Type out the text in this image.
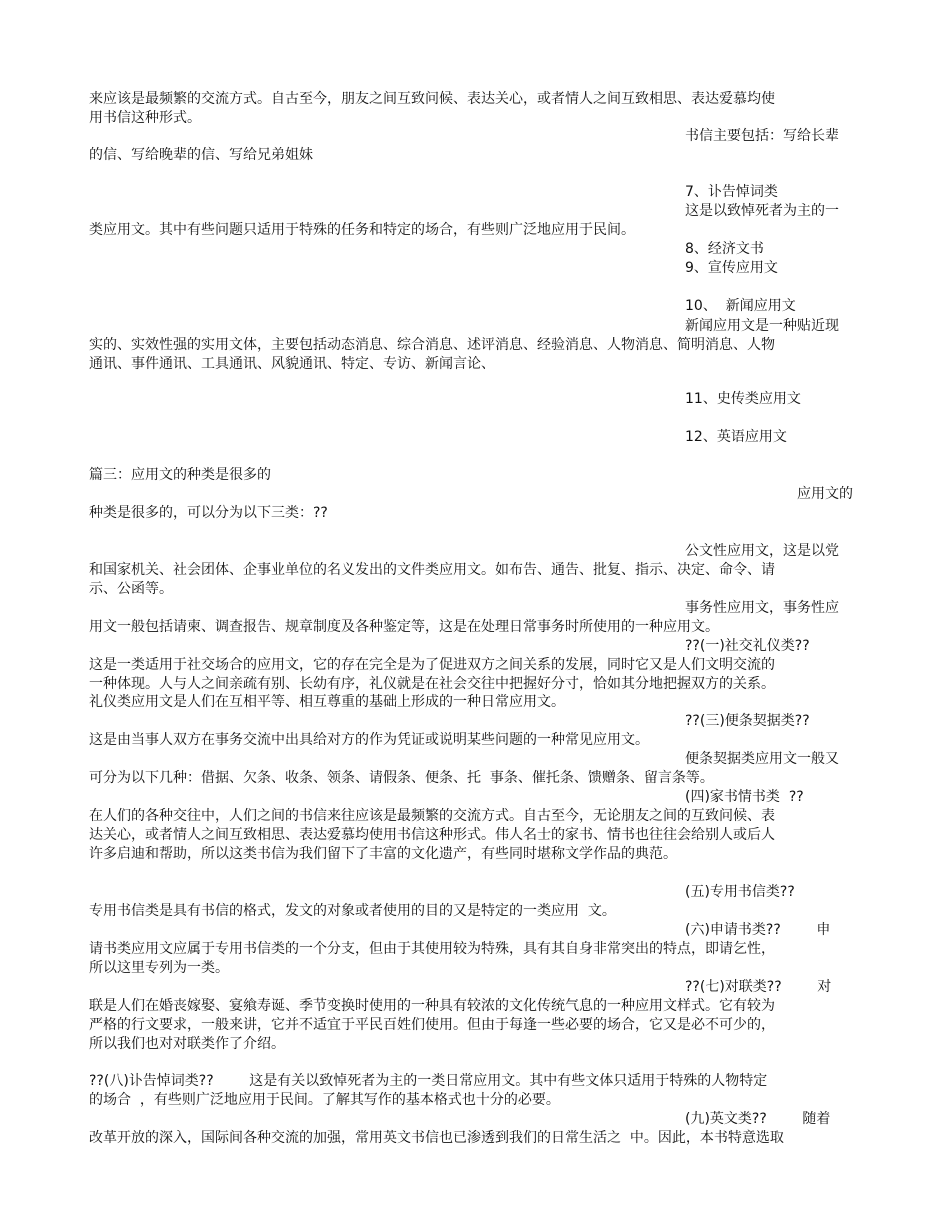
来应该是最频繁的交流方式。自古至今，朋友之间互致问候、表达关心，或者情人之间互致相思、表达爱慕均使
用书信这种形式。
书信主要包括：写给长辈
的信、写给晚辈的信、写给兄弟姐妹
7、讣告悼词类
这是以致悼死者为主的一
类应用文。其中有些问题只适用于特殊的任务和特定的场合，有些则广泛地应用于民间。
8、经济文书
9、宣传应用文
10、  新闻应用文
新闻应用文是一种贴近现
实的、实效性强的实用文体，主要包括动态消息、综合消息、述评消息、经验消息、人物消息、简明消息、人物
通讯、事件通讯、工具通讯、风貌通讯、特定、专访、新闻言论、
11、史传类应用文
12、英语应用文
篇三：应用文的种类是很多的
应用文的
种类是很多的，可以分为以下三类：??
公文性应用文，这是以党
和国家机关、社会团体、企事业单位的名义发出的文件类应用文。如布告、通告、批复、指示、决定、命令、请
示、公函等。
事务性应用文，事务性应
用文一般包括请柬、调查报告、规章制度及各种鉴定等，这是在处理日常事务时所使用的一种应用文。
??(一)社交礼仪类??
这是一类适用于社交场合的应用文，它的存在完全是为了促进双方之间关系的发展，同时它又是人们文明交流的
一种体现。人与人之间亲疏有别、长幼有序，礼仪就是在社会交往中把握好分寸，恰如其分地把握双方的关系。
礼仪类应用文是人们在互相平等、相互尊重的基础上形成的一种日常应用文。
??(三)便条契据类??
这是由当事人双方在事务交流中出具给对方的作为凭证或说明某些问题的一种常见应用文。
便条契据类应用文一般又
可分为以下几种：借据、欠条、收条、领条、请假条、便条、托  事条、催托条、馈赠条、留言条等。
(四)家书情书类  ??
在人们的各种交往中，人们之间的书信来往应该是最频繁的交流方式。自古至今，无论朋友之间的互致问候、表
达关心，或者情人之间互致相思、表达爱慕均使用书信这种形式。伟人名士的家书、情书也往往会给别人或后人
许多启迪和帮助，所以这类书信为我们留下了丰富的文化遗产，有些同时堪称文学作品的典范。
(五)专用书信类??
专用书信类是具有书信的格式，发文的对象或者使用的目的又是特定的一类应用  文。
(六)申请书类??        申
请书类应用文应属于专用书信类的一个分支，但由于其使用较为特殊，具有其自身非常突出的特点，即请乞性，
所以这里专列为一类。
??(七)对联类??        对
联是人们在婚丧嫁娶、宴飨寿诞、季节变换时使用的一种具有较浓的文化传统气息的一种应用文样式。它有较为
严格的行文要求，一般来讲，它并不适宜于平民百姓们使用。但由于每逢一些必要的场合，它又是必不可少的，
所以我们也对对联类作了介绍。
??(八)讣告悼词类??        这是有关以致悼死者为主的一类日常应用文。其中有些文体只适用于特殊的人物特定
的场合  ，有些则广泛地应用于民间。了解其写作的基本格式也十分的必要。
(九)英文类??        随着
改革开放的深入，国际间各种交流的加强，常用英文书信也已渗透到我们的日常生活之  中。因此，本书特意选取
